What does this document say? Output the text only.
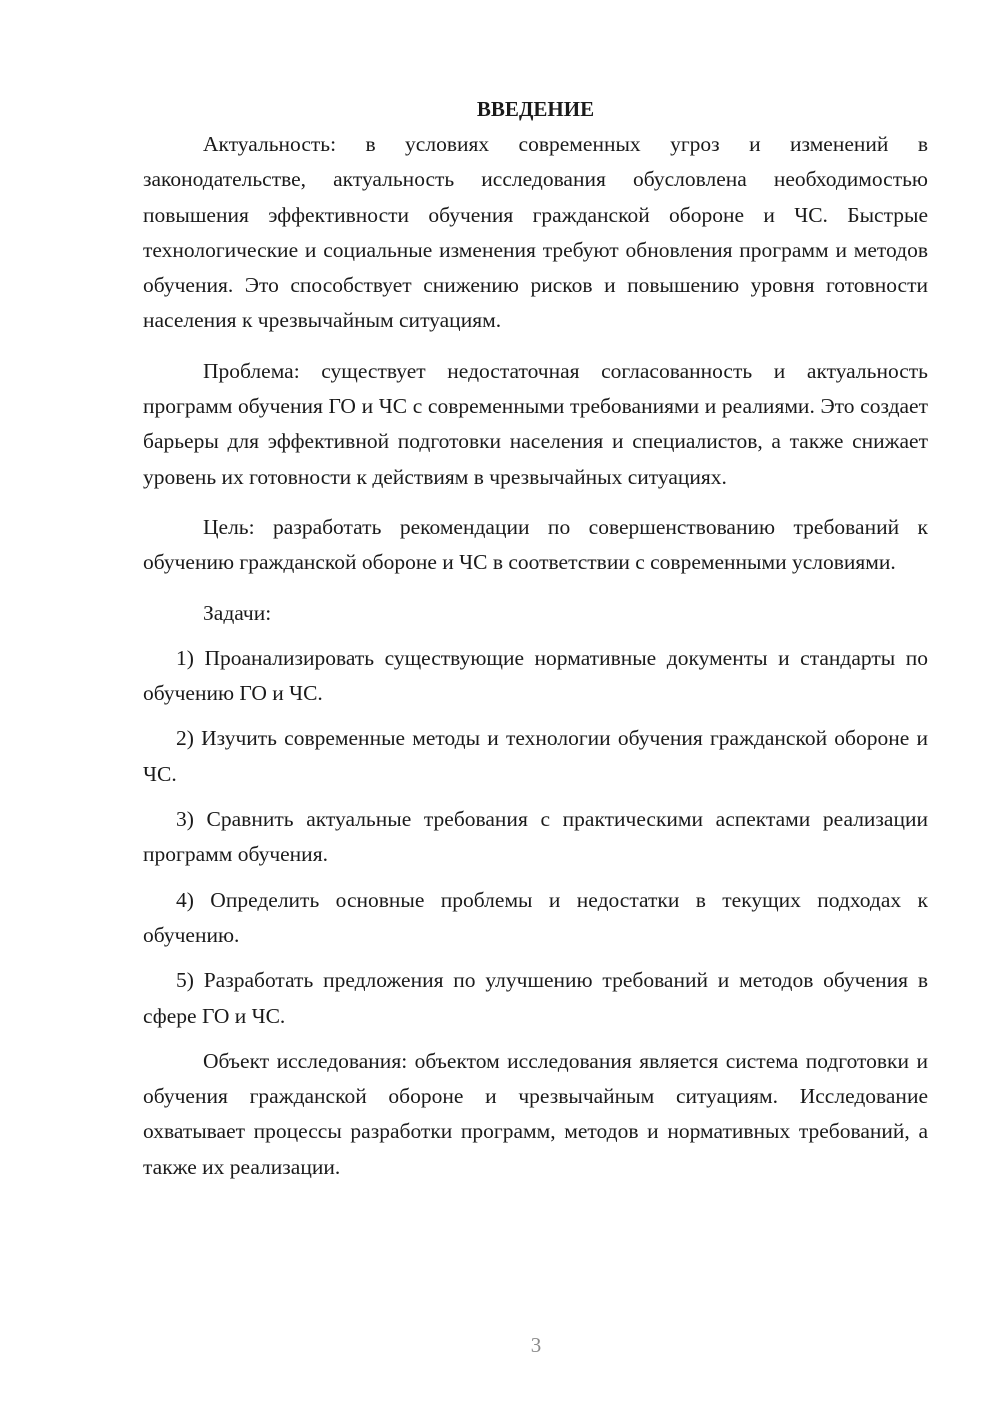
ВВЕДЕНИЕ

Актуальность: в условиях современных угроз и изменений в законодательстве, актуальность исследования обусловлена необходимостью повышения эффективности обучения гражданской обороне и ЧС. Быстрые технологические и социальные изменения требуют обновления программ и методов обучения. Это способствует снижению рисков и повышению уровня готовности населения к чрезвычайным ситуациям.

Проблема: существует недостаточная согласованность и актуальность программ обучения ГО и ЧС с современными требованиями и реалиями. Это создает барьеры для эффективной подготовки населения и специалистов, а также снижает уровень их готовности к действиям в чрезвычайных ситуациях.

Цель: разработать рекомендации по совершенствованию требований к обучению гражданской обороне и ЧС в соответствии с современными условиями.

Задачи:

1) Проанализировать существующие нормативные документы и стандарты по обучению ГО и ЧС.

2) Изучить современные методы и технологии обучения гражданской обороне и ЧС.

3) Сравнить актуальные требования с практическими аспектами реализации программ обучения.

4) Определить основные проблемы и недостатки в текущих подходах к обучению.

5) Разработать предложения по улучшению требований и методов обучения в сфере ГО и ЧС.

Объект исследования: объектом исследования является система подготовки и обучения гражданской обороне и чрезвычайным ситуациям. Исследование охватывает процессы разработки программ, методов и нормативных требований, а также их реализации.

3
